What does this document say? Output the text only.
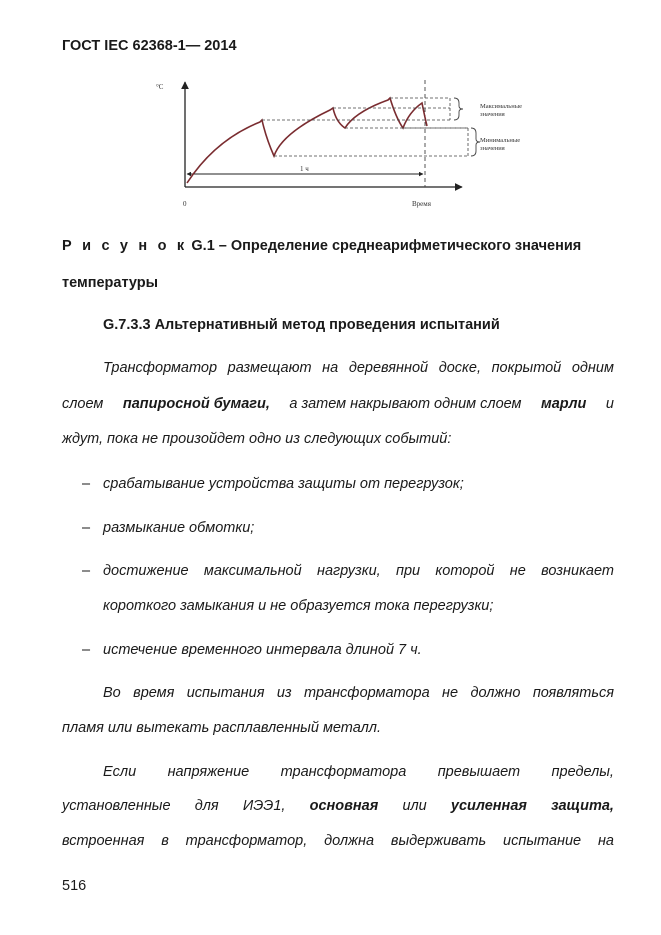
ГОСТ IEC 62368-1— 2014
°C
0	Время
1 ч
Максимальные
значения
Минимальные
значения
Р и с у н о к G.1 – Определение среднеарифметического значения
температуры
G.7.3.3 Альтернативный метод проведения испытаний
Трансформатор размещают на деревянной доске, покрытой одним
слоем папиросной бумаги, а затем накрывают одним слоем марли и
ждут, пока не произойдет одно из следующих событий:
– срабатывание устройства защиты от перегрузок;
– размыкание обмотки;
– достижение максимальной нагрузки, при которой не возникает
короткого замыкания и не образуется тока перегрузки;
– истечение временного интервала длиной 7 ч.
Во время испытания из трансформатора не должно появляться
пламя или вытекать расплавленный металл.
Если напряжение трансформатора превышает пределы,
установленные для ИЭЭ1, основная или усиленная защита,
встроенная в трансформатор, должна выдерживать испытание на
516
